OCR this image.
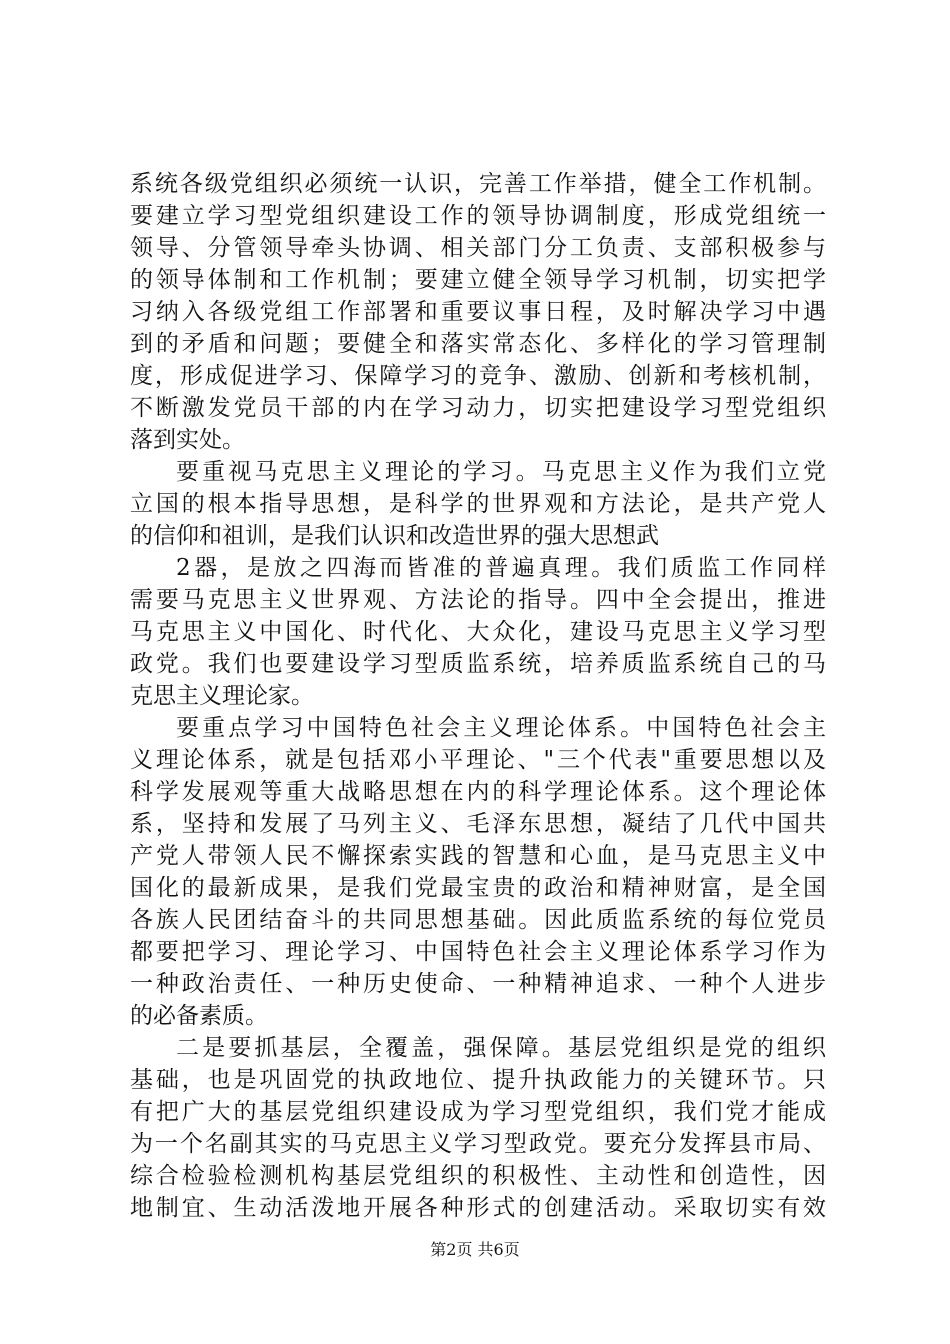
系统各级党组织必须统一认识，完善工作举措，健全工作机制。
要建立学习型党组织建设工作的领导协调制度，形成党组统一
领导、分管领导牵头协调、相关部门分工负责、支部积极参与
的领导体制和工作机制；要建立健全领导学习机制，切实把学
习纳入各级党组工作部署和重要议事日程，及时解决学习中遇
到的矛盾和问题；要健全和落实常态化、多样化的学习管理制
度，形成促进学习、保障学习的竞争、激励、创新和考核机制，
不断激发党员干部的内在学习动力，切实把建设学习型党组织
落到实处。
要重视马克思主义理论的学习。马克思主义作为我们立党
立国的根本指导思想，是科学的世界观和方法论，是共产党人
的信仰和祖训，是我们认识和改造世界的强大思想武
2器，是放之四海而皆准的普遍真理。我们质监工作同样
需要马克思主义世界观、方法论的指导。四中全会提出，推进
马克思主义中国化、时代化、大众化，建设马克思主义学习型
政党。我们也要建设学习型质监系统，培养质监系统自己的马
克思主义理论家。
要重点学习中国特色社会主义理论体系。中国特色社会主
义理论体系，就是包括邓小平理论、"三个代表"重要思想以及
科学发展观等重大战略思想在内的科学理论体系。这个理论体
系，坚持和发展了马列主义、毛泽东思想，凝结了几代中国共
产党人带领人民不懈探索实践的智慧和心血，是马克思主义中
国化的最新成果，是我们党最宝贵的政治和精神财富，是全国
各族人民团结奋斗的共同思想基础。因此质监系统的每位党员
都要把学习、理论学习、中国特色社会主义理论体系学习作为
一种政治责任、一种历史使命、一种精神追求、一种个人进步
的必备素质。
二是要抓基层，全覆盖，强保障。基层党组织是党的组织
基础，也是巩固党的执政地位、提升执政能力的关键环节。只
有把广大的基层党组织建设成为学习型党组织，我们党才能成
为一个名副其实的马克思主义学习型政党。要充分发挥县市局、
综合检验检测机构基层党组织的积极性、主动性和创造性，因
地制宜、生动活泼地开展各种形式的创建活动。采取切实有效
第2页 共6页
